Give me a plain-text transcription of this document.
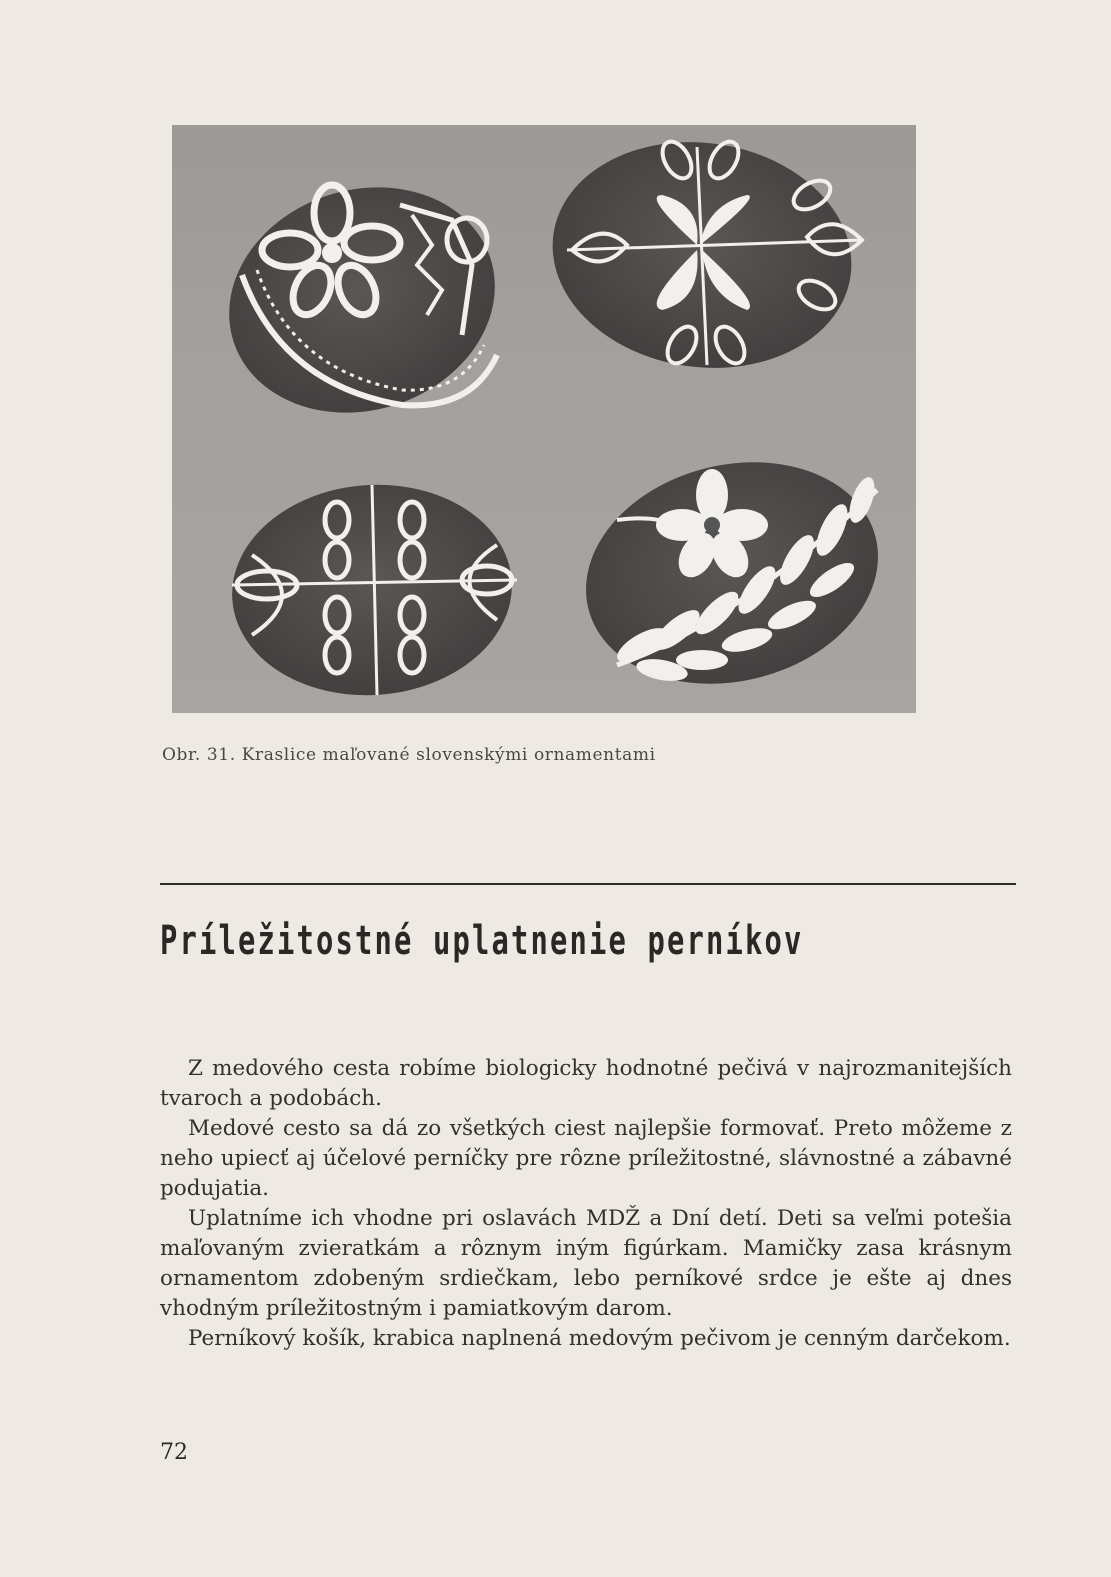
Obr. 31. Kraslice maľované slovenskými ornamentami
Príležitostné uplatnenie perníkov

Z medového cesta robíme biologicky hodnotné pečivá v najrozmanitejších tvaroch a podobách.

Medové cesto sa dá zo všetkých ciest najlepšie formovať. Preto môžeme z neho upiecť aj účelové perníčky pre rôzne príležitostné, slávnostné a zábavné podujatia.

Uplatníme ich vhodne pri oslavách MDŽ a Dní detí. Deti sa veľmi potešia maľovaným zvieratkám a rôznym iným figúrkam. Mamičky zasa krásnym ornamentom zdobeným srdiečkam, lebo perníkové srdce je ešte aj dnes vhodným príležitostným i pamiatkovým darom.

Perníkový košík, krabica naplnená medovým pečivom je cenným darčekom.

72
